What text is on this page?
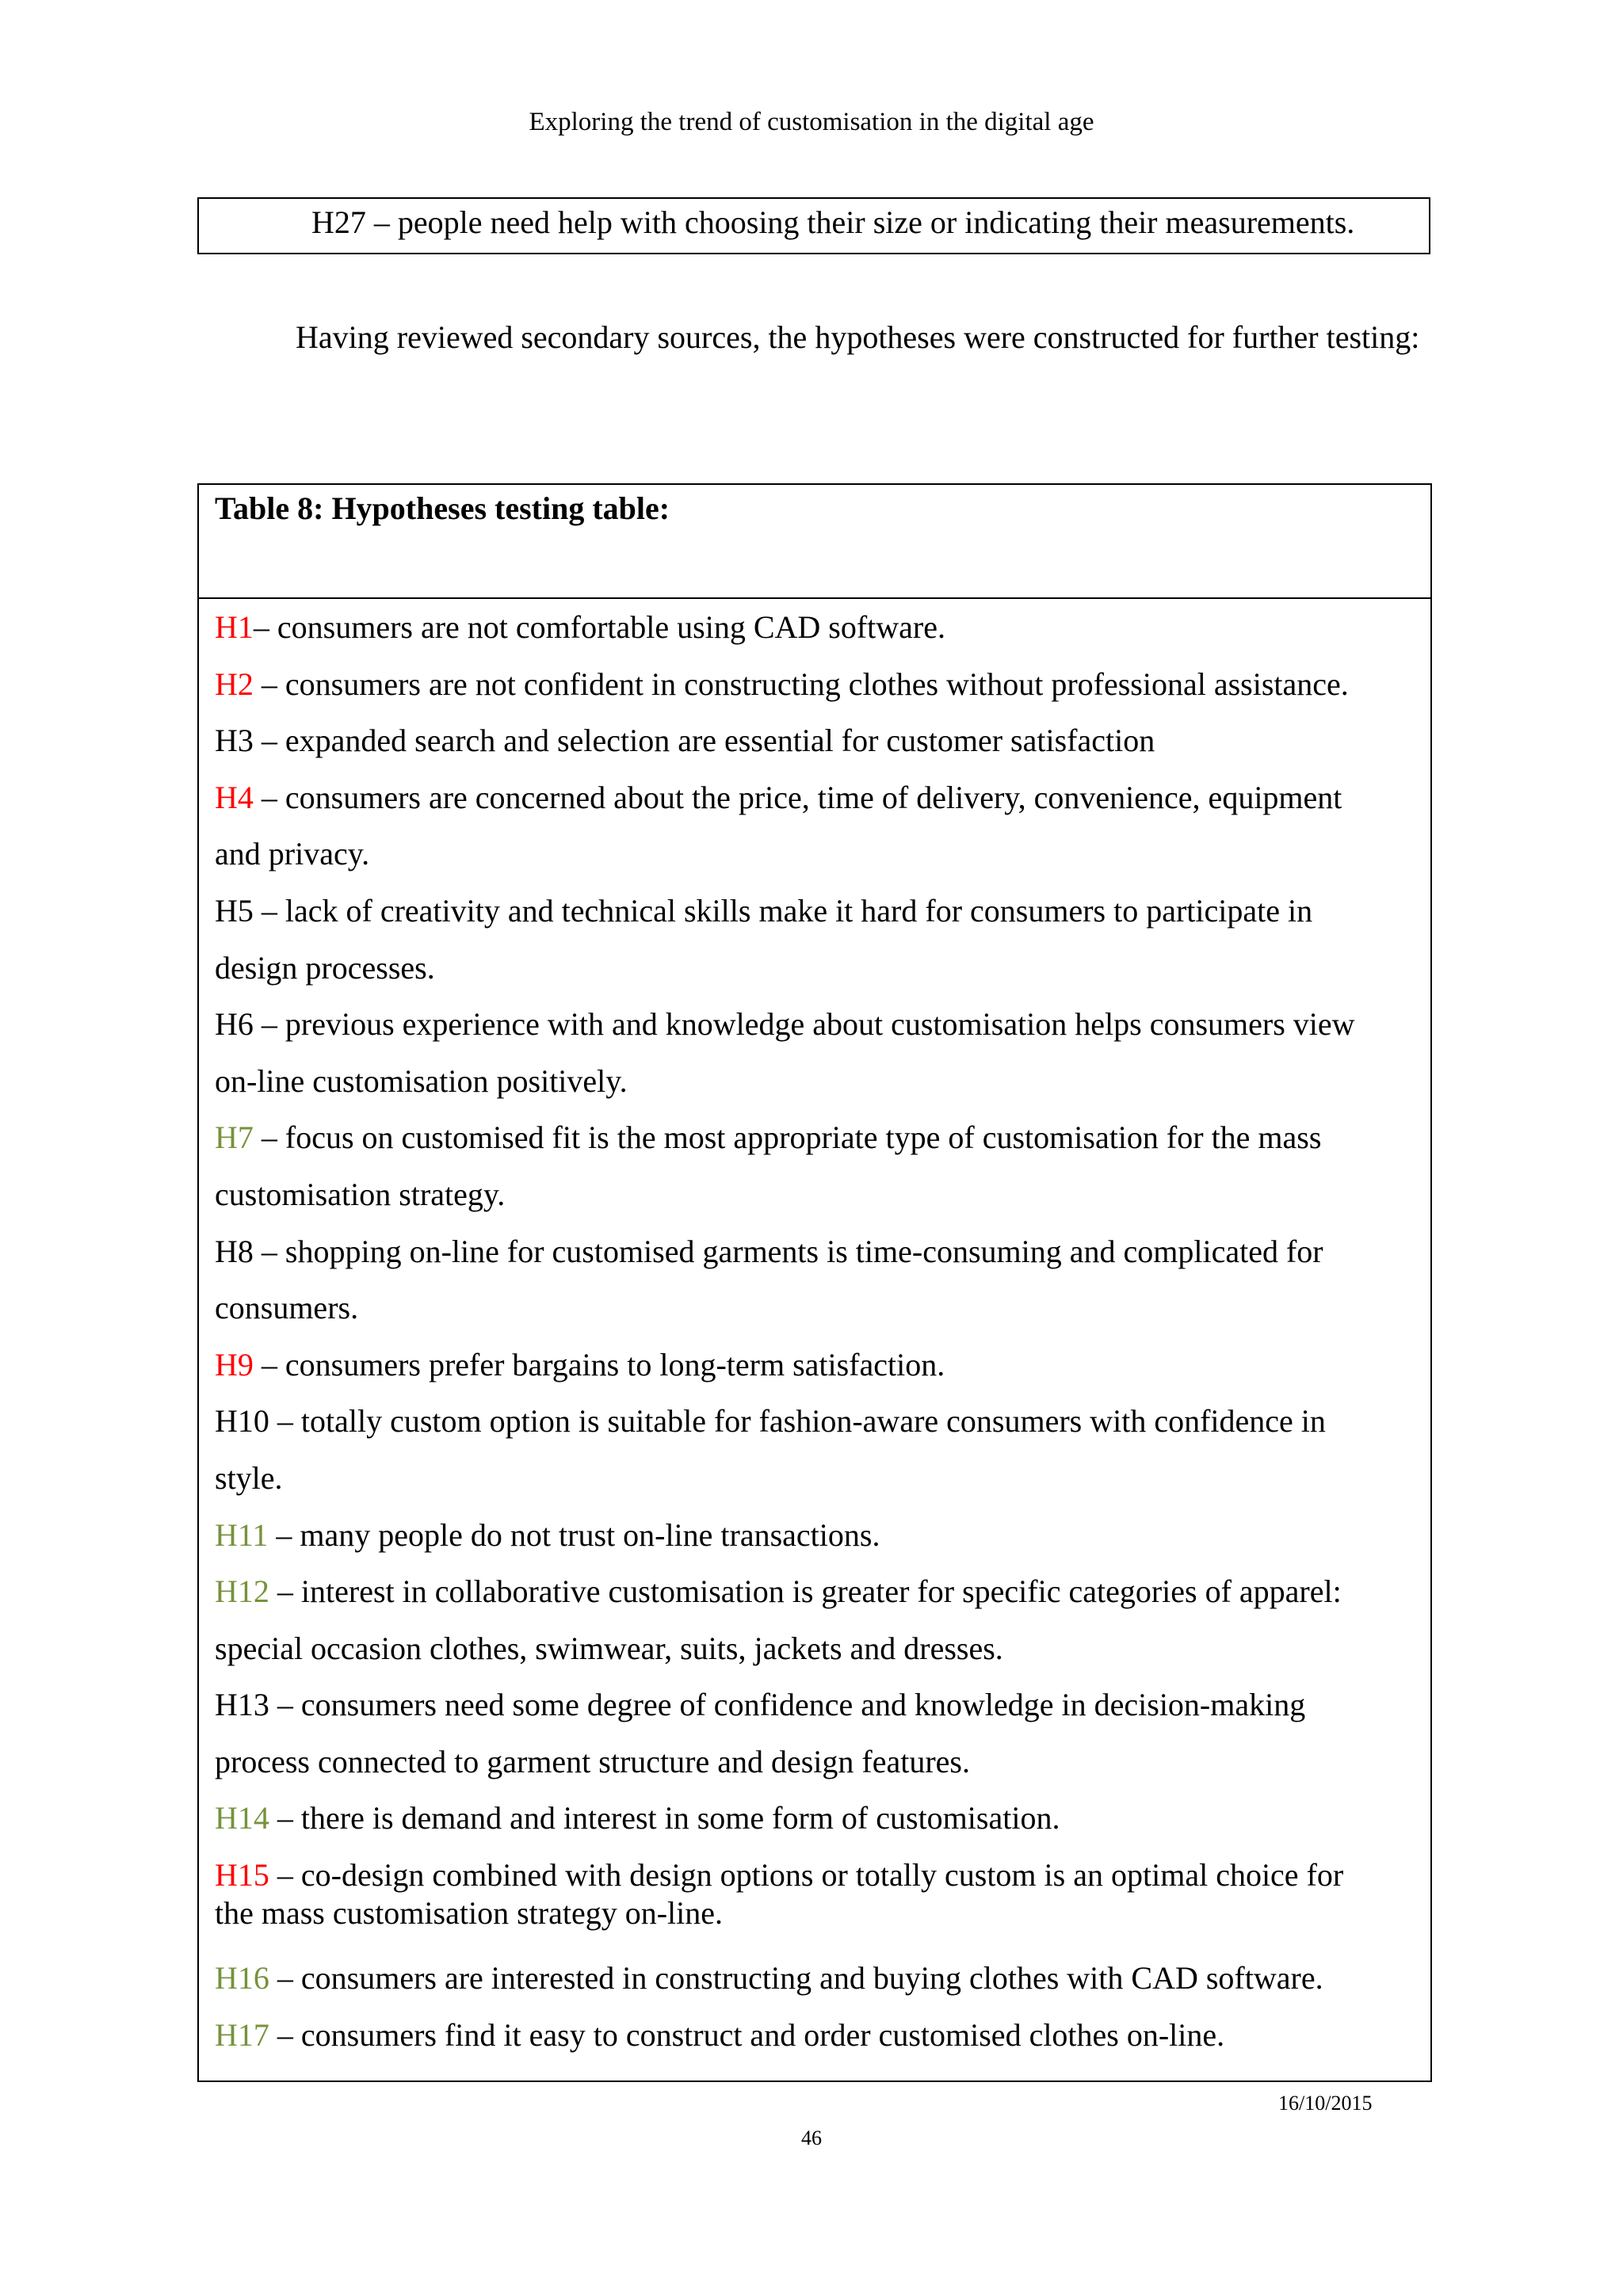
Exploring the trend of customisation in the digital age
H27 – people need help with choosing their size or indicating their measurements.
Having reviewed secondary sources, the hypotheses were constructed for further testing:
Table 8: Hypotheses testing table:
H1– consumers are not comfortable using CAD software.
H2 – consumers are not confident in constructing clothes without professional assistance.
H3 – expanded search and selection are essential for customer satisfaction
H4 – consumers are concerned about the price, time of delivery, convenience, equipment
and privacy.
H5 – lack of creativity and technical skills make it hard for consumers to participate in
design processes.
H6 – previous experience with and knowledge about customisation helps consumers view
on-line customisation positively.
H7 – focus on customised fit is the most appropriate type of customisation for the mass
customisation strategy.
H8 – shopping on-line for customised garments is time-consuming and complicated for
consumers.
H9 – consumers prefer bargains to long-term satisfaction.
H10 – totally custom option is suitable for fashion-aware consumers with confidence in
style.
H11 – many people do not trust on-line transactions.
H12 – interest in collaborative customisation is greater for specific categories of apparel:
special occasion clothes, swimwear, suits, jackets and dresses.
H13 – consumers need some degree of confidence and knowledge in decision-making
process connected to garment structure and design features.
H14 – there is demand and interest in some form of customisation.
H15 – co-design combined with design options or totally custom is an optimal choice for
the mass customisation strategy on-line.
H16 – consumers are interested in constructing and buying clothes with CAD software.
H17 – consumers find it easy to construct and order customised clothes on-line.
16/10/2015
46
